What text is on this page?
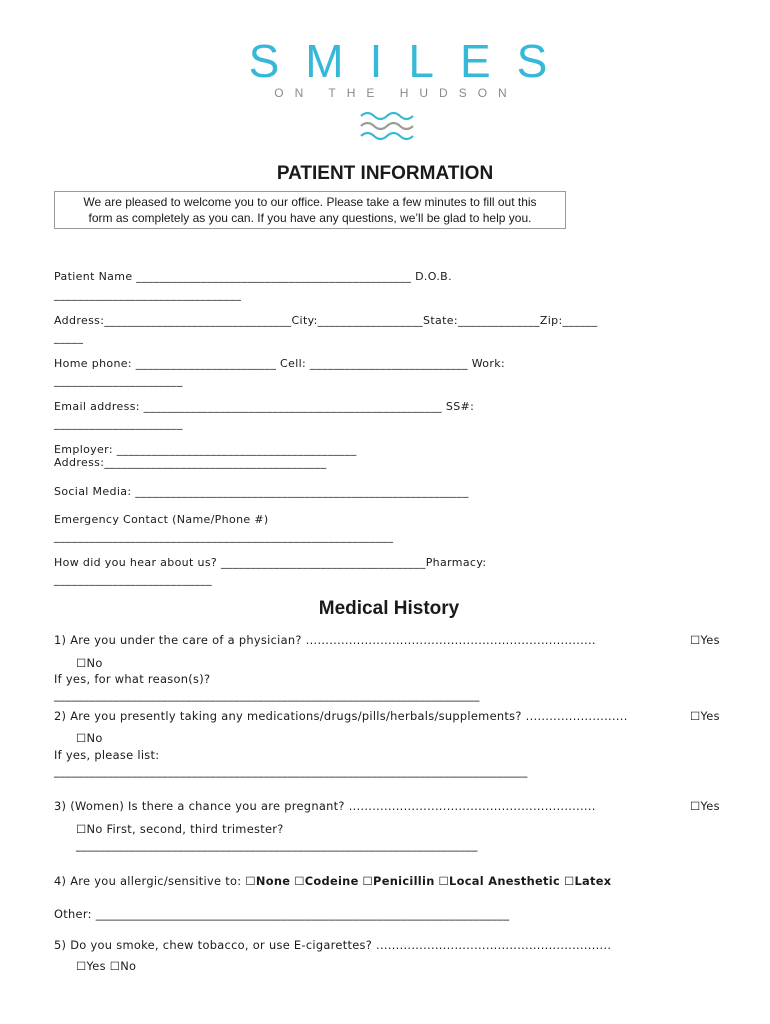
SMILES
ON THE HUDSON
PATIENT INFORMATION
We are pleased to welcome you to our office. Please take a few minutes to fill out this
form as completely as you can. If you have any questions, we’ll be glad to help you.
Patient Name _______________________________________________ D.O.B.
________________________________
Address:________________________________City:__________________State:______________Zip:______
_____
Home phone: ________________________ Cell: ___________________________ Work:
______________________
Email address: ___________________________________________________ SS#:
______________________
Employer: _________________________________________
Address:______________________________________
Social Media: _________________________________________________________
Emergency Contact (Name/Phone #)
__________________________________________________________
How did you hear about us? ___________________________________Pharmacy:
___________________________
Medical History
1) Are you under the care of a physician? ..........................................................................	☐Yes
☐No
If yes, for what reason(s)?
_______________________________________________________________________
2) Are you presently taking any medications/drugs/pills/herbals/supplements? ..........................	☐Yes
☐No
If yes, please list:
_______________________________________________________________________________
3) (Women) Is there a chance you are pregnant? ...............................................................	☐Yes
☐No First, second, third trimester?
___________________________________________________________________
4) Are you allergic/sensitive to: ☐None ☐Codeine ☐Penicillin ☐Local Anesthetic ☐Latex
Other: _____________________________________________________________________
5) Do you smoke, chew tobacco, or use E-cigarettes? ............................................................
☐Yes ☐No
